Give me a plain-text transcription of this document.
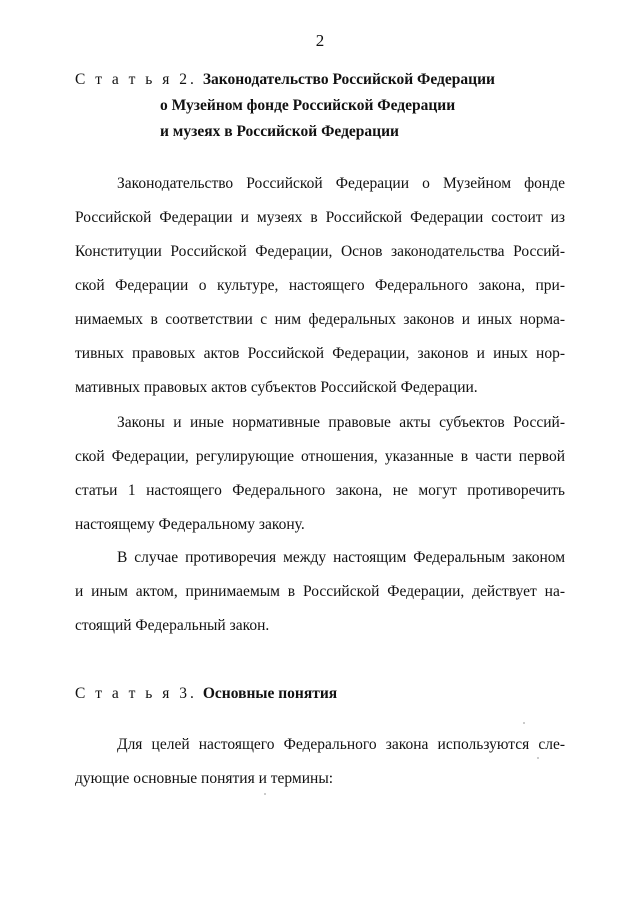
2
С т а т ь я 2. Законодательство Российской Федерации
о Музейном фонде Российской Федерации
и музеях в Российской Федерации
Законодательство Российской Федерации о Музейном фонде
Российской Федерации и музеях в Российской Федерации состоит из
Конституции Российской Федерации, Основ законодательства Россий-
ской Федерации о культуре, настоящего Федерального закона, при-
нимаемых в соответствии с ним федеральных законов и иных норма-
тивных правовых актов Российской Федерации, законов и иных нор-
мативных правовых актов субъектов Российской Федерации.
Законы и иные нормативные правовые акты субъектов Россий-
ской Федерации, регулирующие отношения, указанные в части первой
статьи 1 настоящего Федерального закона, не могут противоречить
настоящему Федеральному закону.
В случае противоречия между настоящим Федеральным законом
и иным актом, принимаемым в Российской Федерации, действует на-
стоящий Федеральный закон.
С т а т ь я 3. Основные понятия
Для целей настоящего Федерального закона используются сле-
дующие основные понятия и термины:
